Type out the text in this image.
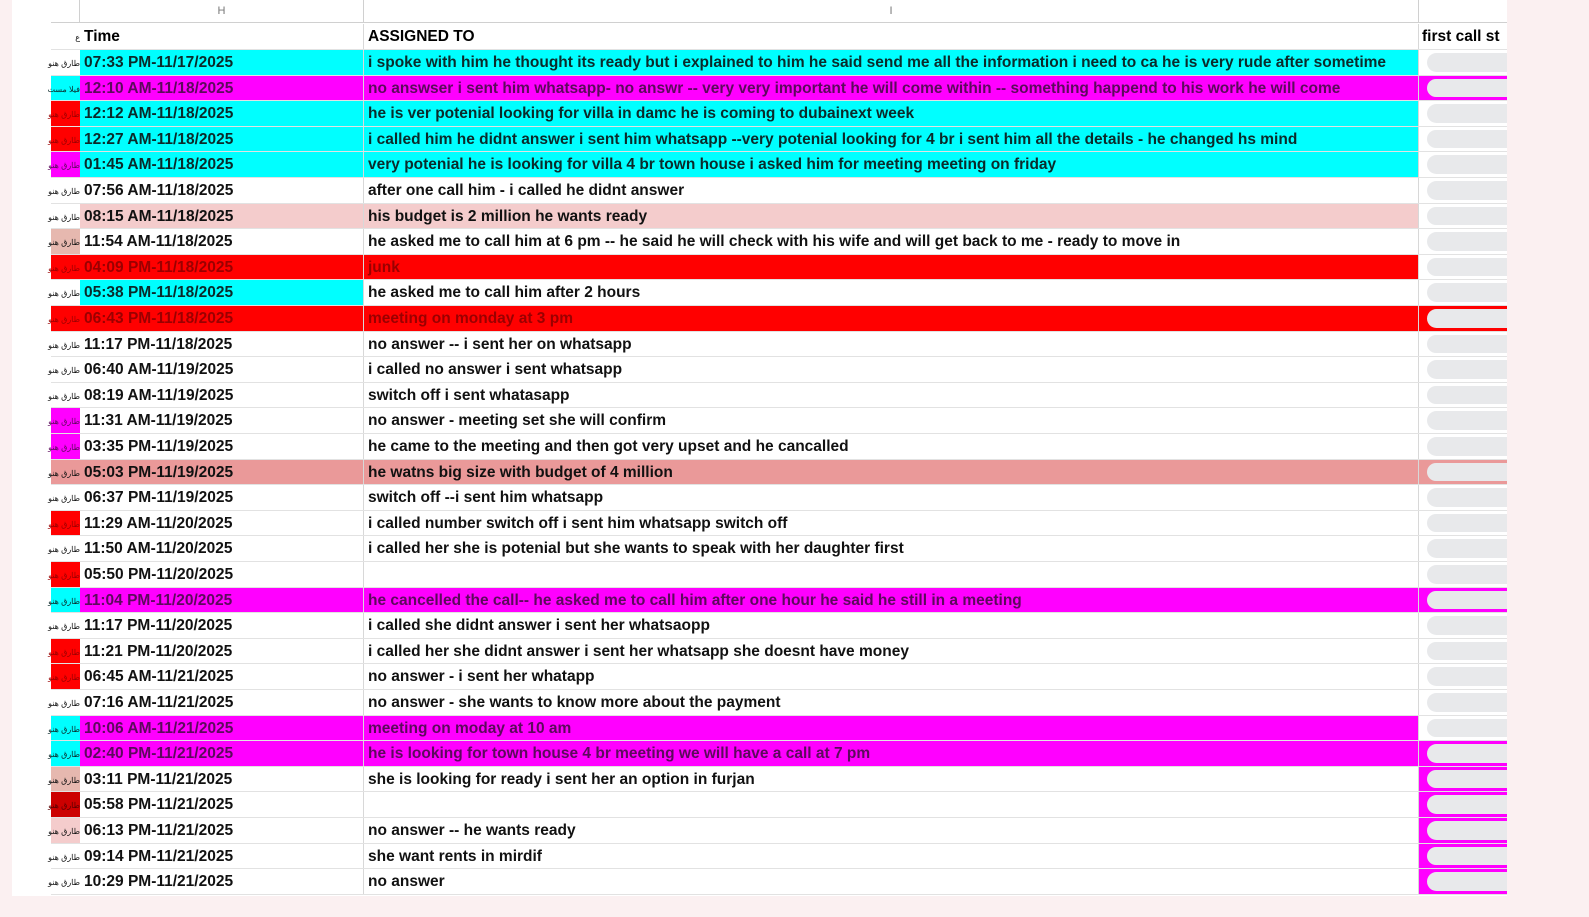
H	I
ع Time	ASSIGNED TO	first call st
طارق هنو 07:33 PM-11/17/2025	i spoke with him he thought its ready but i explained to him he said send me all the information i need to ca he is very rude after sometime
فيلا مست 12:10 AM-11/18/2025	no answser i sent him whatsapp- no answr -- very very important he will come within -- something happend to his work he will come
طارق هنو 12:12 AM-11/18/2025	he is ver potenial looking for villa in damc he is coming to dubainext week
طارق هنو 12:27 AM-11/18/2025	i called him he didnt answer i sent him whatsapp --very potenial looking for 4 br i sent him all the details - he changed hs mind
طارق هنو 01:45 AM-11/18/2025	very potenial he is looking for villa 4 br town house i asked him for meeting meeting on friday
طارق هنو 07:56 AM-11/18/2025	after one call him - i called he didnt answer
طارق هنو 08:15 AM-11/18/2025	his budget is 2 million he wants ready
طارق هنو 11:54 AM-11/18/2025	he asked me to call him at 6 pm -- he said he will check with his wife and will get back to me - ready to move in
طارق هنو 04:09 PM-11/18/2025	junk
طارق هنو 05:38 PM-11/18/2025	he asked me to call him after 2 hours
طارق هنو 06:43 PM-11/18/2025	meeting on monday at 3 pm
طارق هنو 11:17 PM-11/18/2025	no answer -- i sent her on whatsapp
طارق هنو 06:40 AM-11/19/2025	i called no answer i sent whatsapp
طارق هنو 08:19 AM-11/19/2025	switch off i sent whatasapp
طارق هنو 11:31 AM-11/19/2025	no answer - meeting set she will confirm
طارق هنو 03:35 PM-11/19/2025	he came to the meeting and then got very upset and he cancalled
طارق هنو 05:03 PM-11/19/2025	he watns big size with budget of 4 million
طارق هنو 06:37 PM-11/19/2025	switch off --i sent him whatsapp
طارق هنو 11:29 AM-11/20/2025	i called number switch off i sent him whatsapp switch off
طارق هنو 11:50 AM-11/20/2025	i called her she is potenial but she wants to speak with her daughter first
طارق هنو 05:50 PM-11/20/2025
طارق هنو 11:04 PM-11/20/2025	he cancelled the call-- he asked me to call him after one hour he said he still in a meeting
طارق هنو 11:17 PM-11/20/2025	i called she didnt answer i sent her whatsaopp
طارق هنو 11:21 PM-11/20/2025	i called her she didnt answer i sent her whatsapp she doesnt have money
طارق هنو 06:45 AM-11/21/2025	no answer - i sent her whatapp
طارق هنو 07:16 AM-11/21/2025	no answer - she wants to know more about the payment
طارق هنو 10:06 AM-11/21/2025	meeting on moday at 10 am
طارق هنو 02:40 PM-11/21/2025	he is looking for town house 4 br meeting we will have a call at 7 pm
طارق هنو 03:11 PM-11/21/2025	she is looking for ready i sent her an option in furjan
طارق هنو 05:58 PM-11/21/2025
طارق هنو 06:13 PM-11/21/2025	no answer -- he wants ready
طارق هنو 09:14 PM-11/21/2025	she want rents in mirdif
طارق هنو 10:29 PM-11/21/2025	no answer
